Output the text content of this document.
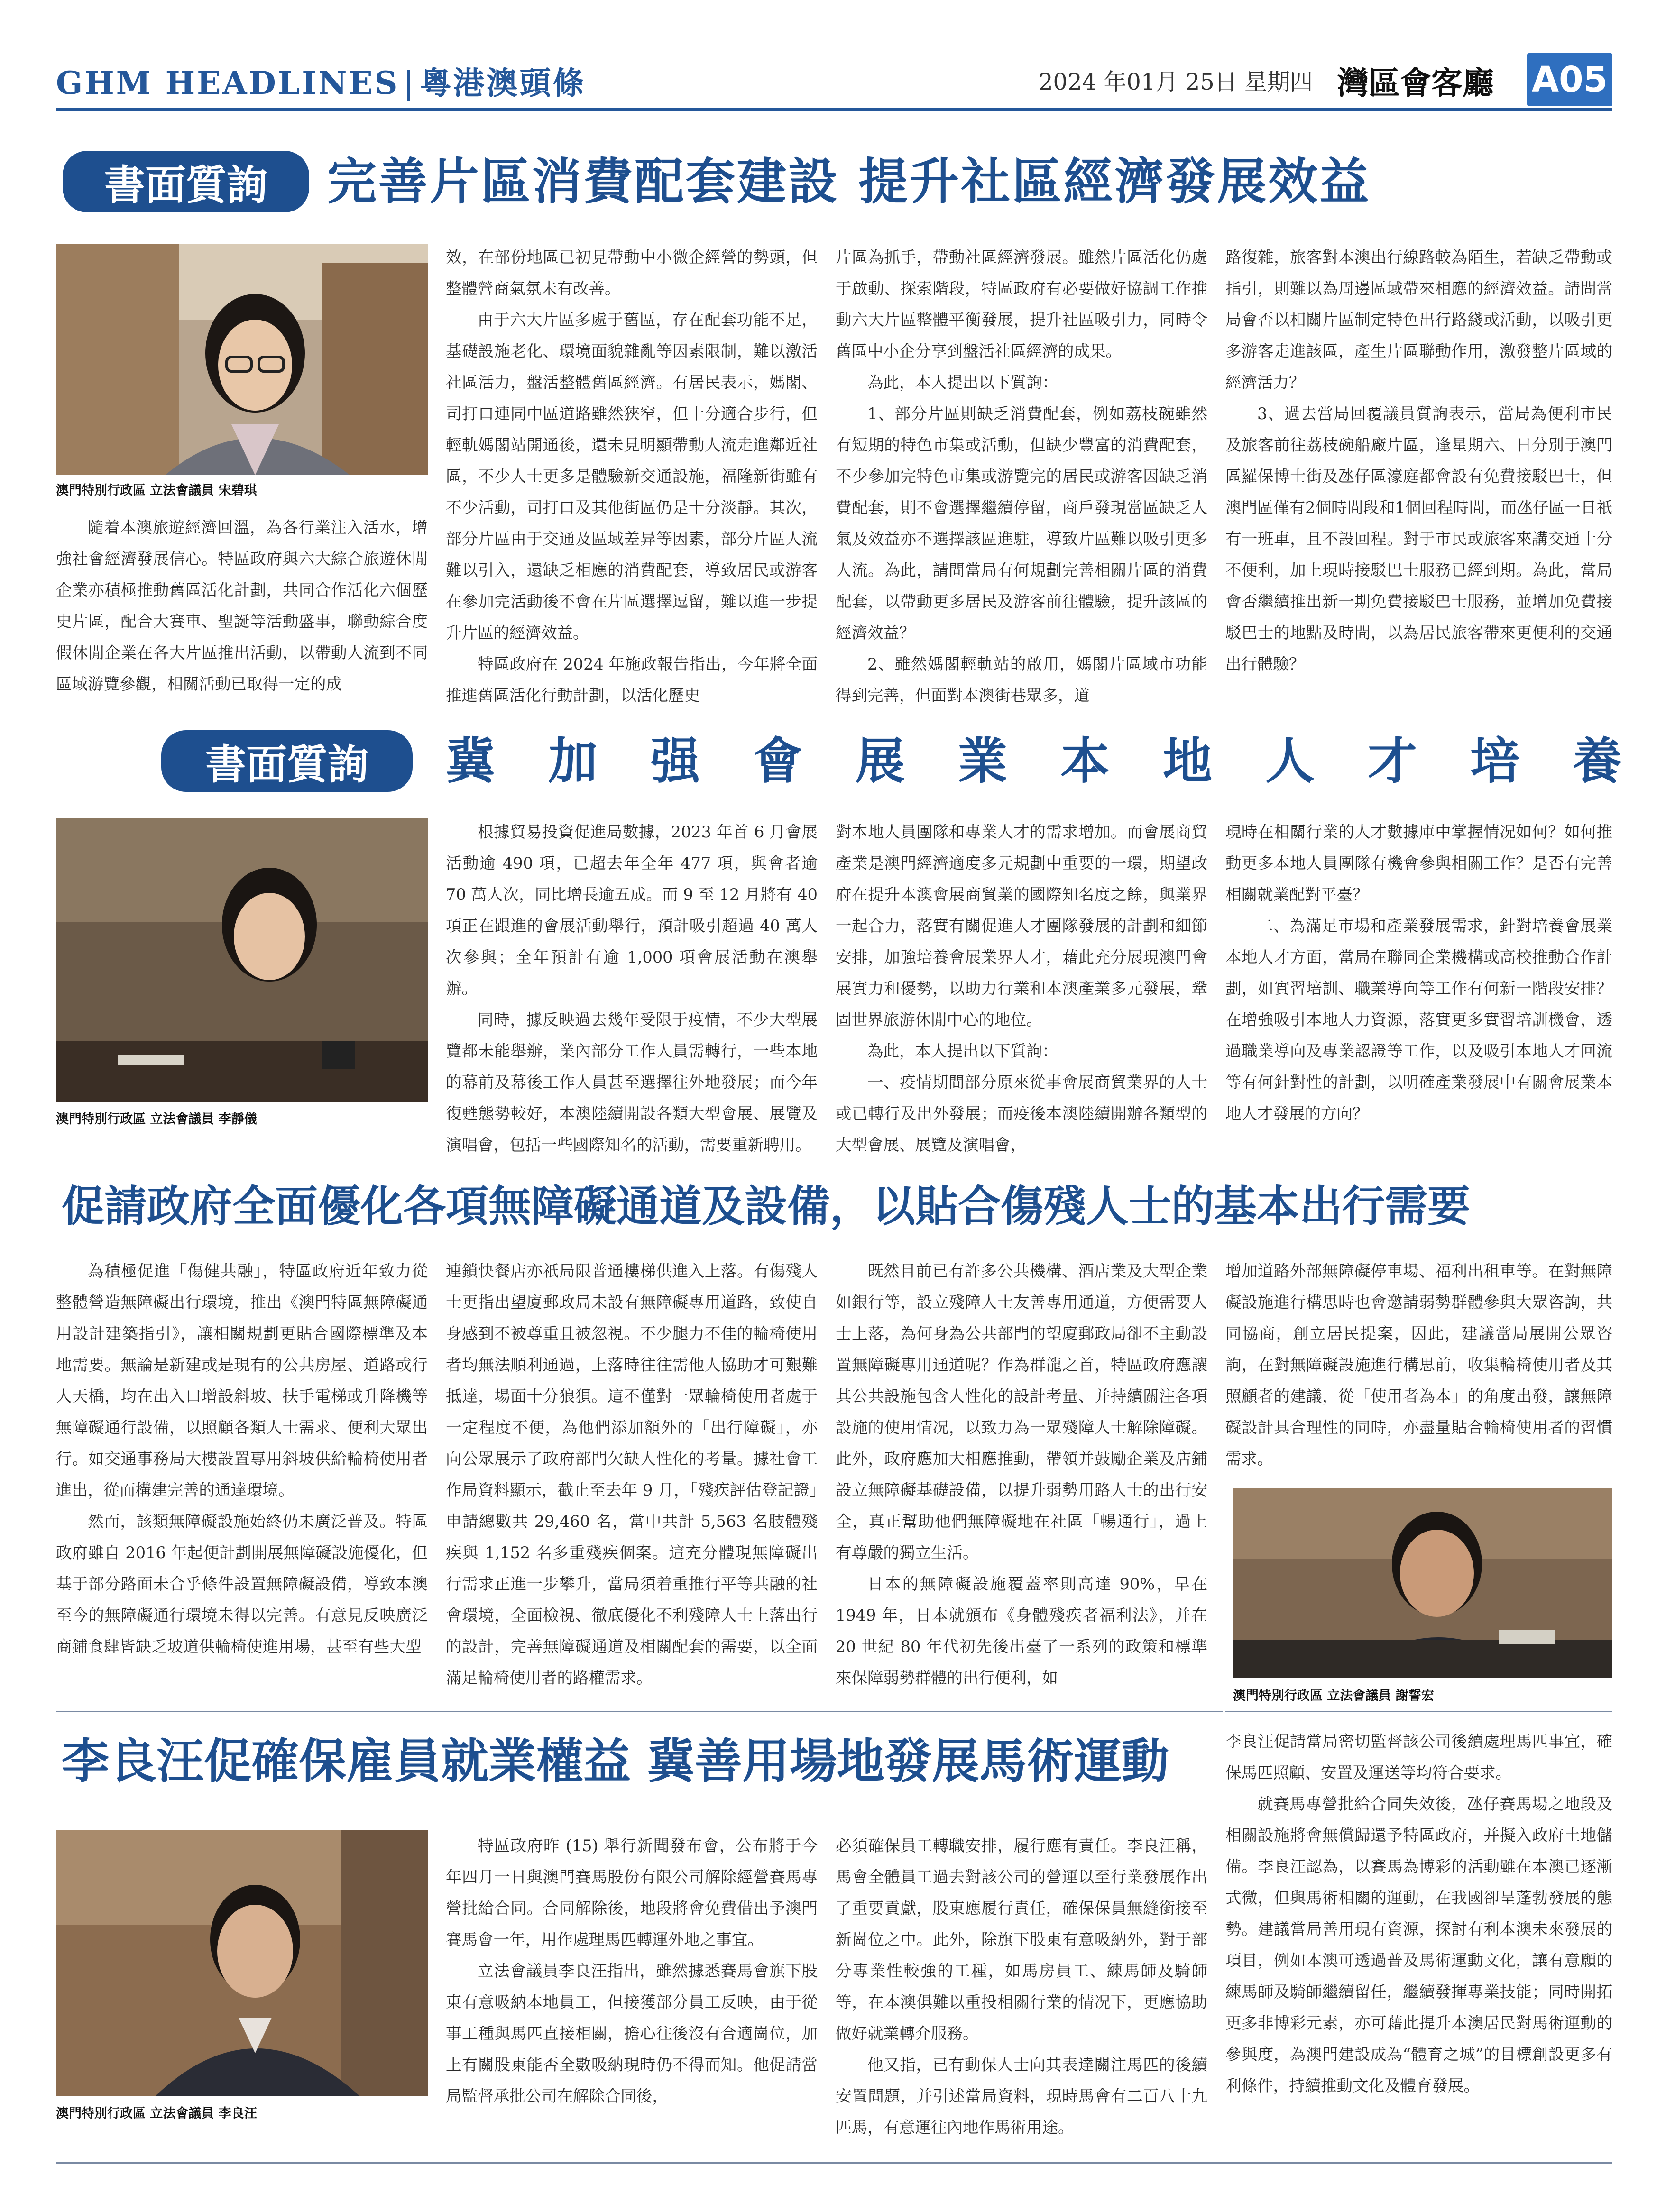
GHM HEADLINES | 粵港澳頭條	2024 年01月 25日 星期四 灣區會客廳 A05
書面質詢	完善片區消費配套建設 提升社區經濟發展效益
澳門特別行政區 立法會議員 宋碧琪

隨着本澳旅遊經濟回溫，為各行業注入活水，增強社會經濟發展信心。特區政府與六大綜合旅遊休閒企業亦積極推動舊區活化計劃，共同合作活化六個歷史片區，配合大賽車、聖誕等活動盛事，聯動綜合度假休閒企業在各大片區推出活動，以帶動人流到不同區域游覽參觀，相關活動已取得一定的成

效，在部份地區已初見帶動中小微企經營的勢頭，但整體營商氣氛未有改善。

由于六大片區多處于舊區，存在配套功能不足，基礎設施老化、環境面貌雜亂等因素限制，難以激活社區活力，盤活整體舊區經濟。有居民表示，媽閣、司打口連同中區道路雖然狹窄，但十分適合步行，但輕軌媽閣站開通後，還未見明顯帶動人流走進鄰近社區，不少人士更多是體驗新交通設施，福隆新街雖有不少活動，司打口及其他街區仍是十分淡靜。其次，部分片區由于交通及區域差异等因素，部分片區人流難以引入，還缺乏相應的消費配套，導致居民或游客在參加完活動後不會在片區選擇逗留，難以進一步提升片區的經濟效益。

特區政府在 2024 年施政報告指出，今年將全面推進舊區活化行動計劃，以活化歷史

片區為抓手，帶動社區經濟發展。雖然片區活化仍處于啟動、探索階段，特區政府有必要做好協調工作推動六大片區整體平衡發展，提升社區吸引力，同時令舊區中小企分享到盤活社區經濟的成果。

為此，本人提出以下質詢：

1、部分片區則缺乏消費配套，例如荔枝碗雖然有短期的特色市集或活動，但缺少豐富的消費配套，不少參加完特色市集或游覽完的居民或游客因缺乏消費配套，則不會選擇繼續停留，商戶發現當區缺乏人氣及效益亦不選擇該區進駐，導致片區難以吸引更多人流。為此，請問當局有何規劃完善相關片區的消費配套，以帶動更多居民及游客前往體驗，提升該區的經濟效益？

2、雖然媽閣輕軌站的啟用，媽閣片區域市功能得到完善，但面對本澳街巷眾多，道

路復雜，旅客對本澳出行線路較為陌生，若缺乏帶動或指引，則難以為周邊區域帶來相應的經濟效益。請問當局會否以相關片區制定特色出行路綫或活動，以吸引更多游客走進該區，產生片區聯動作用，激發整片區域的經濟活力？

3、過去當局回覆議員質詢表示，當局為便利市民及旅客前往荔枝碗船廠片區，逢星期六、日分別于澳門區羅保博士街及氹仔區濠庭都會設有免費接駁巴士，但澳門區僅有2個時間段和1個回程時間，而氹仔區一日祇有一班車，且不設回程。對于市民或旅客來講交通十分不便利，加上現時接駁巴士服務已經到期。為此，當局會否繼續推出新一期免費接駁巴士服務，並增加免費接駁巴士的地點及時間，以為居民旅客帶來更便利的交通出行體驗？

書面質詢	冀加强會展業本地人才培養
澳門特別行政區 立法會議員 李靜儀

根據貿易投資促進局數據，2023 年首 6 月會展活動逾 490 項，已超去年全年 477 項，與會者逾 70 萬人次，同比增長逾五成。而 9 至 12 月將有 40 項正在跟進的會展活動舉行，預計吸引超過 40 萬人次參與；全年預計有逾 1,000 項會展活動在澳舉辦。

同時，據反映過去幾年受限于疫情，不少大型展覽都未能舉辦，業內部分工作人員需轉行，一些本地的幕前及幕後工作人員甚至選擇往外地發展；而今年復甦態勢較好，本澳陸續開設各類大型會展、展覽及演唱會，包括一些國際知名的活動，需要重新聘用。

對本地人員團隊和專業人才的需求增加。而會展商貿產業是澳門經濟適度多元規劃中重要的一環，期望政府在提升本澳會展商貿業的國際知名度之餘，與業界一起合力，落實有關促進人才團隊發展的計劃和細節安排，加強培養會展業界人才，藉此充分展現澳門會展實力和優勢，以助力行業和本澳產業多元發展，鞏固世界旅游休閒中心的地位。

為此，本人提出以下質詢：

一、疫情期間部分原來從事會展商貿業界的人士或已轉行及出外發展；而疫後本澳陸續開辦各類型的大型會展、展覽及演唱會，

現時在相關行業的人才數據庫中掌握情况如何？如何推動更多本地人員團隊有機會參與相關工作？是否有完善相關就業配對平臺？

二、為滿足市場和產業發展需求，針對培養會展業本地人才方面，當局在聯同企業機構或高校推動合作計劃，如實習培訓、職業導向等工作有何新一階段安排？在增強吸引本地人力資源，落實更多實習培訓機會，透過職業導向及專業認證等工作，以及吸引本地人才回流等有何針對性的計劃，以明確產業發展中有關會展業本地人才發展的方向？

促請政府全面優化各項無障礙通道及設備，以貼合傷殘人士的基本出行需要

為積極促進「傷健共融」，特區政府近年致力從整體營造無障礙出行環境，推出《澳門特區無障礙通用設計建築指引》，讓相關規劃更貼合國際標準及本地需要。無論是新建或是現有的公共房屋、道路或行人天橋，均在出入口增設斜坡、扶手電梯或升降機等無障礙通行設備，以照顧各類人士需求、便利大眾出行。如交通事務局大樓設置專用斜坡供給輪椅使用者進出，從而構建完善的通達環境。

然而，該類無障礙設施始終仍未廣泛普及。特區政府雖自 2016 年起便計劃開展無障礙設施優化，但基于部分路面未合乎條件設置無障礙設備，導致本澳至今的無障礙通行環境未得以完善。有意見反映廣泛商鋪食肆皆缺乏坡道供輪椅使進用場，甚至有些大型

連鎖快餐店亦祇局限普通樓梯供進入上落。有傷殘人士更指出望廈郵政局未設有無障礙專用道路，致使自身感到不被尊重且被忽視。不少腿力不佳的輪椅使用者均無法順利通過，上落時往往需他人協助才可艱難抵達，場面十分狼狽。這不僅對一眾輪椅使用者處于一定程度不便，為他們添加額外的「出行障礙」，亦向公眾展示了政府部門欠缺人性化的考量。據社會工作局資料顯示，截止至去年 9 月，「殘疾評估登記證」申請總數共 29,460 名，當中共計 5,563 名肢體殘疾與 1,152 名多重殘疾個案。這充分體現無障礙出行需求正進一步攀升，當局須着重推行平等共融的社會環境，全面檢視、徹底優化不利殘障人士上落出行的設計，完善無障礙通道及相關配套的需要，以全面滿足輪椅使用者的路權需求。

既然目前已有許多公共機構、酒店業及大型企業如銀行等，設立殘障人士友善專用通道，方便需要人士上落，為何身為公共部門的望廈郵政局卻不主動設置無障礙專用通道呢？作為群龍之首，特區政府應讓其公共設施包含人性化的設計考量、并持續關注各項設施的使用情况，以致力為一眾殘障人士解除障礙。此外，政府應加大相應推動，帶領并鼓勵企業及店鋪設立無障礙基礎設備，以提升弱勢用路人士的出行安全，真正幫助他們無障礙地在社區「暢通行」，過上有尊嚴的獨立生活。

日本的無障礙設施覆蓋率則高達 90%，早在 1949 年，日本就頒布《身體殘疾者福利法》，并在 20 世紀 80 年代初先後出臺了一系列的政策和標準來保障弱勢群體的出行便利，如

增加道路外部無障礙停車場、福利出租車等。在對無障礙設施進行構思時也會邀請弱勢群體參與大眾咨詢，共同協商，創立居民提案，因此，建議當局展開公眾咨詢，在對無障礙設施進行構思前，收集輪椅使用者及其照顧者的建議，從「使用者為本」的角度出發，讓無障礙設計具合理性的同時，亦盡量貼合輪椅使用者的習慣需求。

澳門特別行政區 立法會議員 謝誓宏
李良汪促確保雇員就業權益 冀善用場地發展馬術運動
澳門特別行政區 立法會議員 李良汪

特區政府昨 (15) 舉行新聞發布會，公布將于今年四月一日與澳門賽馬股份有限公司解除經營賽馬專營批給合同。合同解除後，地段將會免費借出予澳門賽馬會一年，用作處理馬匹轉運外地之事宜。

立法會議員李良汪指出，雖然據悉賽馬會旗下股東有意吸納本地員工，但接獲部分員工反映，由于從事工種與馬匹直接相關，擔心往後沒有合適崗位，加上有關股東能否全數吸納現時仍不得而知。他促請當局監督承批公司在解除合同後，

必須確保員工轉職安排，履行應有責任。李良汪稱，馬會全體員工過去對該公司的營運以至行業發展作出了重要貢獻，股東應履行責任，確保保員無縫銜接至新崗位之中。此外，除旗下股東有意吸納外，對于部分專業性較強的工種，如馬房員工、練馬師及騎師等，在本澳俱難以重投相關行業的情况下，更應協助做好就業轉介服務。

他又指，已有動保人士向其表達關注馬匹的後續安置問題，并引述當局資料，現時馬會有二百八十九匹馬，有意運往內地作馬術用途。

李良汪促請當局密切監督該公司後續處理馬匹事宜，確保馬匹照顧、安置及運送等均符合要求。

就賽馬專營批給合同失效後，氹仔賽馬場之地段及相關設施將會無償歸還予特區政府，并擬入政府土地儲備。李良汪認為，以賽馬為博彩的活動雖在本澳已逐漸式微，但與馬術相關的運動，在我國卻呈蓬勃發展的態勢。建議當局善用現有資源，探討有利本澳未來發展的項目，例如本澳可透過普及馬術運動文化，讓有意願的練馬師及騎師繼續留任，繼續發揮專業技能；同時開拓更多非博彩元素，亦可藉此提升本澳居民對馬術運動的參與度，為澳門建設成為“體育之城”的目標創設更多有利條件，持續推動文化及體育發展。
